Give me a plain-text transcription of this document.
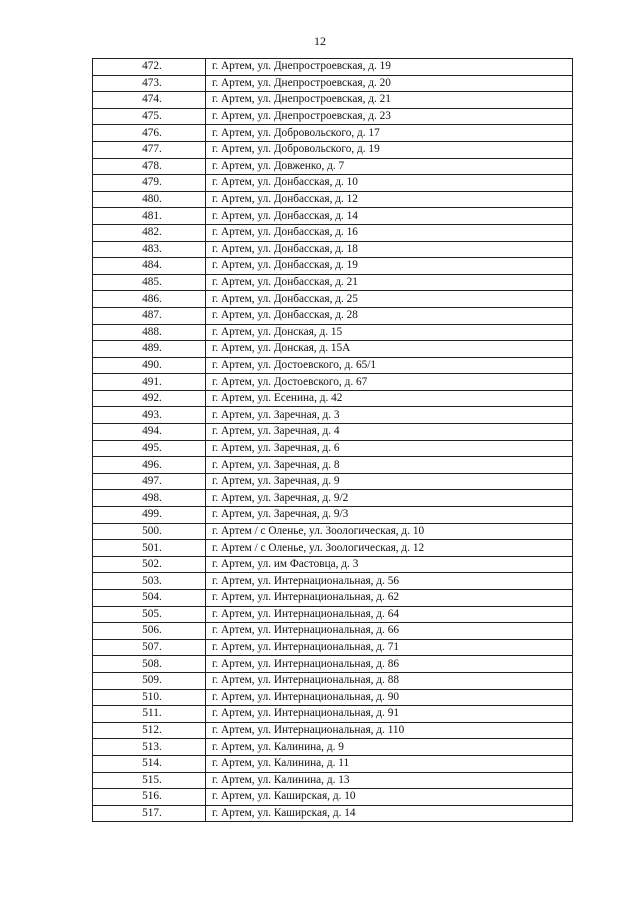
12
472.	г. Артем, ул. Днепростроевская, д. 19
473.	г. Артем, ул. Днепростроевская, д. 20
474.	г. Артем, ул. Днепростроевская, д. 21
475.	г. Артем, ул. Днепростроевская, д. 23
476.	г. Артем, ул. Добровольского, д. 17
477.	г. Артем, ул. Добровольского, д. 19
478.	г. Артем, ул. Довженко, д. 7
479.	г. Артем, ул. Донбасская, д. 10
480.	г. Артем, ул. Донбасская, д. 12
481.	г. Артем, ул. Донбасская, д. 14
482.	г. Артем, ул. Донбасская, д. 16
483.	г. Артем, ул. Донбасская, д. 18
484.	г. Артем, ул. Донбасская, д. 19
485.	г. Артем, ул. Донбасская, д. 21
486.	г. Артем, ул. Донбасская, д. 25
487.	г. Артем, ул. Донбасская, д. 28
488.	г. Артем, ул. Донская, д. 15
489.	г. Артем, ул. Донская, д. 15А
490.	г. Артем, ул. Достоевского, д. 65/1
491.	г. Артем, ул. Достоевского, д. 67
492.	г. Артем, ул. Есенина, д. 42
493.	г. Артем, ул. Заречная, д. 3
494.	г. Артем, ул. Заречная, д. 4
495.	г. Артем, ул. Заречная, д. 6
496.	г. Артем, ул. Заречная, д. 8
497.	г. Артем, ул. Заречная, д. 9
498.	г. Артем, ул. Заречная, д. 9/2
499.	г. Артем, ул. Заречная, д. 9/3
500.	г. Артем / с Оленье, ул. Зоологическая, д. 10
501.	г. Артем / с Оленье, ул. Зоологическая, д. 12
502.	г. Артем, ул. им Фастовца, д. 3
503.	г. Артем, ул. Интернациональная, д. 56
504.	г. Артем, ул. Интернациональная, д. 62
505.	г. Артем, ул. Интернациональная, д. 64
506.	г. Артем, ул. Интернациональная, д. 66
507.	г. Артем, ул. Интернациональная, д. 71
508.	г. Артем, ул. Интернациональная, д. 86
509.	г. Артем, ул. Интернациональная, д. 88
510.	г. Артем, ул. Интернациональная, д. 90
511.	г. Артем, ул. Интернациональная, д. 91
512.	г. Артем, ул. Интернациональная, д. 110
513.	г. Артем, ул. Калинина, д. 9
514.	г. Артем, ул. Калинина, д. 11
515.	г. Артем, ул. Калинина, д. 13
516.	г. Артем, ул. Каширская, д. 10
517.	г. Артем, ул. Каширская, д. 14
